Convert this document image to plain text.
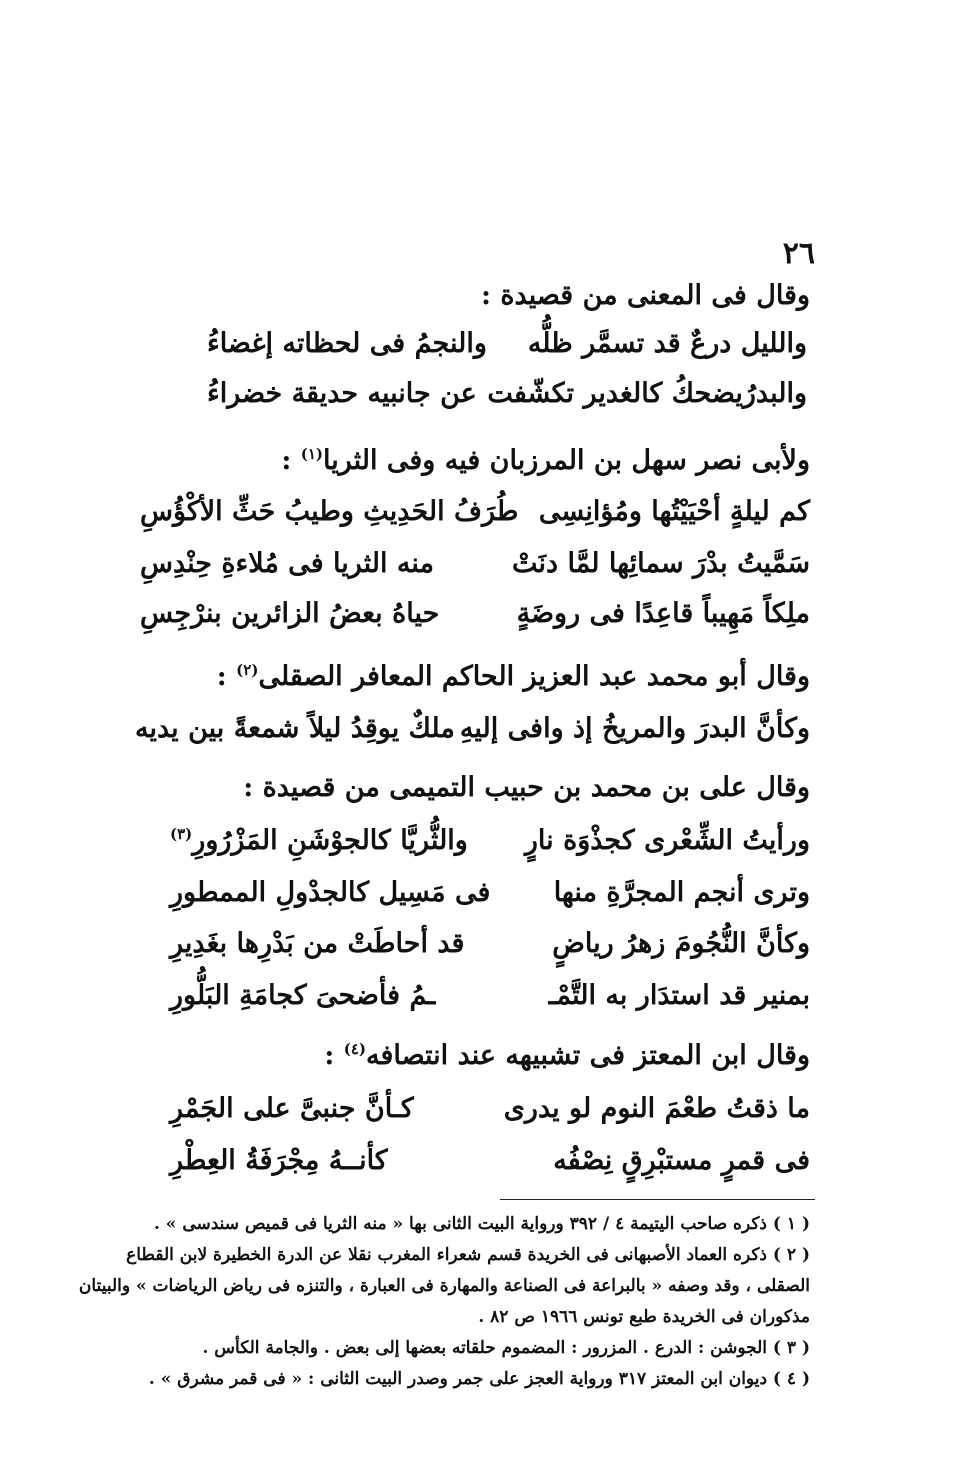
٢٦
وقال فى المعنى من قصيدة :
والليل درعٌ قد تسمَّر ظلُّه
والنجمُ فى لحظاته إغضاءُ
والبدرُيضحكُ كالغدير تكشّفت
عن جانبيه حديقة خضراءُ
ولأبى نصر سهل بن المرزبان فيه وفى الثريا$^{(١)}$ :
كم ليلةٍ أحْيَيْتُها ومُؤانِسِى
طُرَفُ الحَدِيثِ وطيبُ حَثِّ الأكْؤُسِ
سَمَّيتُ بدْرَ سمائِها لمَّا دنَتْ
منه الثريا فى مُلاءةِ حِنْدِسِ
ملِكاً مَهِيباً قاعِدًا فى روضَةٍ
حياهُ بعضُ الزائرين بنرْجِسِ
وقال أبو محمد عبد العزيز الحاكم المعافر الصقلى$^{(٢)}$ :
وكأنَّ البدرَ والمريخُ إذ وافى إليهِ
ملكٌ يوقِدُ ليلاً شمعةً بين يديه
وقال على بن محمد بن حبيب التميمى من قصيدة :
ورأيتُ الشِّعْرى كجذْوَة نارٍ
والثُّريَّا كالجوْشَنِ المَزْرُورِ$^{(٣)}$
وترى أنجم المجرَّةِ منها
فى مَسِيل كالجدْولِ الممطورِ
وكأنَّ النُّجُومَ زهرُ رياضٍ
قد أحاطَتْ من بَدْرِها بغَدِيرِ
بمنير قد استدَار به التَّمْـ
ـمُ فأضحىَ كجامَةِ البَلُّورِ
وقال ابن المعتز فى تشبيهه عند انتصافه$^{(٤)}$ :
ما ذقتُ طعْمَ النوم لو يدرى
كـأنَّ جنبىَّ على الجَمْرِ
فى قمرٍ مستبْرِقٍ نِصْفُه
كأنــهُ مِجْرَفَةُ العِطْرِ
( ١ ) ذكره صاحب اليتيمة ٤ / ٣٩٢ ورواية البيت الثانى بها « منه الثريا فى قميص سندسى » .
( ٢ ) ذكره العماد الأصبهانى فى الخريدة قسم شعراء المغرب نقلا عن الدرة الخطيرة لابن القطاع
الصقلى ، وقد وصفه « بالبراعة فى الصناعة والمهارة فى العبارة ، والتنزه فى رياض الرياضات » والبيتان
مذكوران فى الخريدة طبع تونس ١٩٦٦ ص ٨٢ .
( ٣ ) الجوشن : الدرع . المزرور : المضموم حلقاته بعضها إلى بعض . والجامة الكأس .
( ٤ ) ديوان ابن المعتز ٣١٧ ورواية العجز على جمر وصدر البيت الثانى : « فى قمر مشرق » .
